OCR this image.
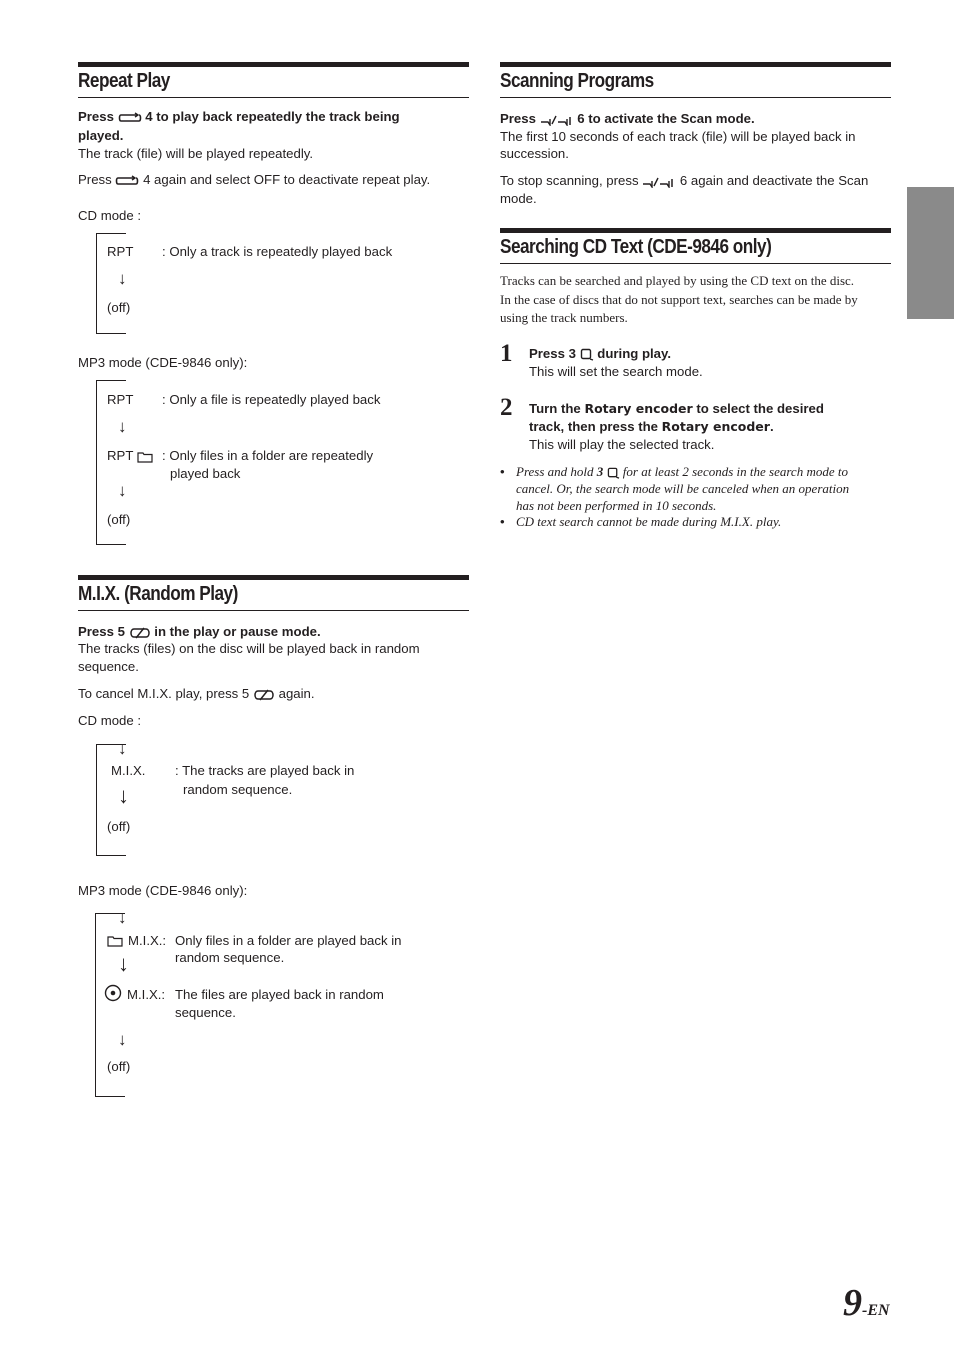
Repeat Play
Press 4 to play back repeatedly the track being
played.
The track (file) will be played repeatedly.
Press 4 again and select OFF to deactivate repeat play.
CD mode :
RPT : Only a track is repeatedly played back
↓
(off)
MP3 mode (CDE-9846 only):
RPT : Only a file is repeatedly played back
↓
RPT	: Only files in a folder are repeatedly
played back
↓
(off)
M.I.X. (Random Play)
Press 5 in the play or pause mode.
The tracks (files) on the disc will be played back in random
sequence.
To cancel M.I.X. play, press 5 again.
CD mode :
↓
M.I.X. : The tracks are played back in
random sequence.
↓
(off)
MP3 mode (CDE-9846 only):
↓
M.I.X.: Only files in a folder are played back in
random sequence.
↓
M.I.X.: The files are played back in random
sequence.
↓
(off)
Scanning Programs
Press	6 to activate the Scan mode.
The first 10 seconds of each track (file) will be played back in
succession.
To stop scanning, press	6 again and deactivate the Scan
mode.
Searching CD Text (CDE-9846 only)
Tracks can be searched and played by using the CD text on the disc.
In the case of discs that do not support text, searches can be made by
using the track numbers.
1 Press 3 during play.
This will set the search mode.
2 Turn the Rotary encoder to select the desired
track, then press the Rotary encoder.
This will play the selected track.
• Press and hold 3 for at least 2 seconds in the search mode to
cancel. Or, the search mode will be canceled when an operation
has not been performed in 10 seconds.
• CD text search cannot be made during M.I.X. play.
9-EN
